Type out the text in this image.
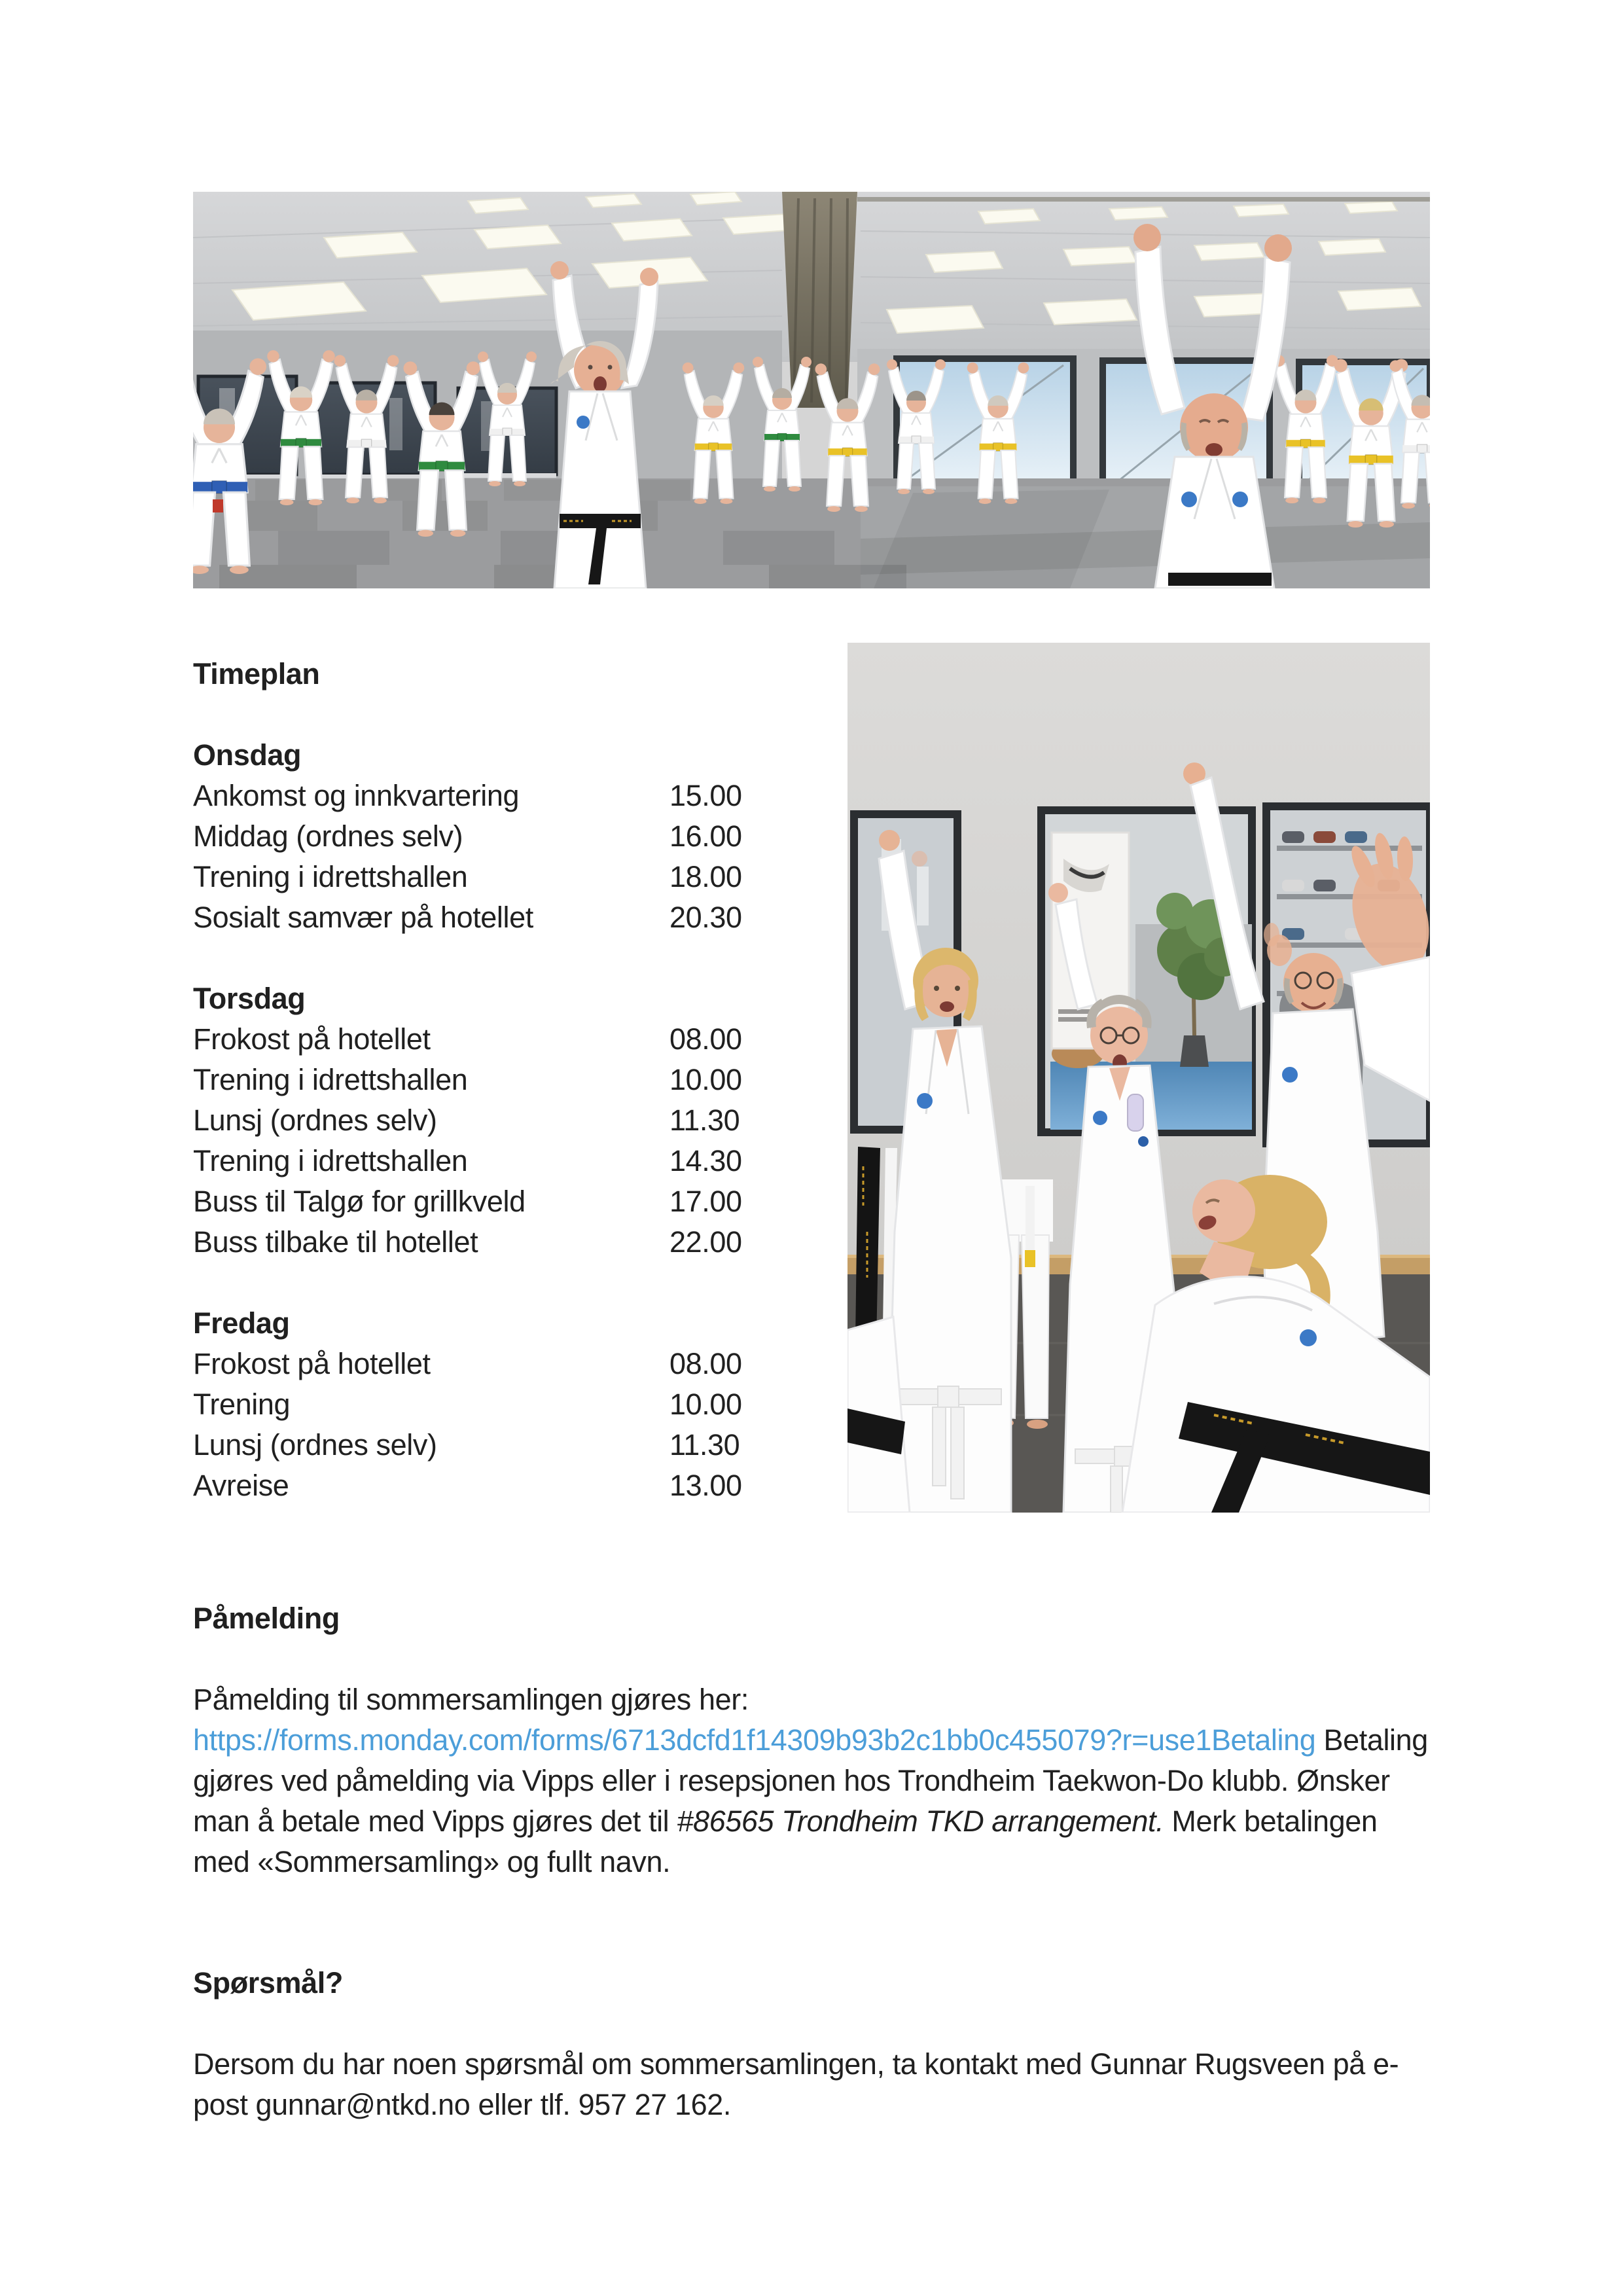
Timeplan
Onsdag
Ankomst og innkvartering	15.00
Middag (ordnes selv)	16.00
Trening i idrettshallen	18.00
Sosialt samvær på hotellet	20.30
Torsdag
Frokost på hotellet	08.00
Trening i idrettshallen	10.00
Lunsj (ordnes selv)	11.30
Trening i idrettshallen	14.30
Buss til Talgø for grillkveld	17.00
Buss tilbake til hotellet	22.00
Fredag
Frokost på hotellet	08.00
Trening	10.00
Lunsj (ordnes selv)	11.30
Avreise	13.00
Påmelding

Påmelding til sommersamlingen gjøres her: https://forms.monday.com/forms/6713dcfd1f14309b93b2c1bb0c455079?r=use1Betaling Betaling gjøres ved påmelding via Vipps eller i resepsjonen hos Trondheim Taekwon-Do klubb. Ønsker man å betale med Vipps gjøres det til #86565 Trondheim TKD arrangement. Merk betalingen med «Sommersamling» og fullt navn.

Spørsmål?

Dersom du har noen spørsmål om sommersamlingen, ta kontakt med Gunnar Rugsveen på e-post gunnar@ntkd.no eller tlf. 957 27 162.
